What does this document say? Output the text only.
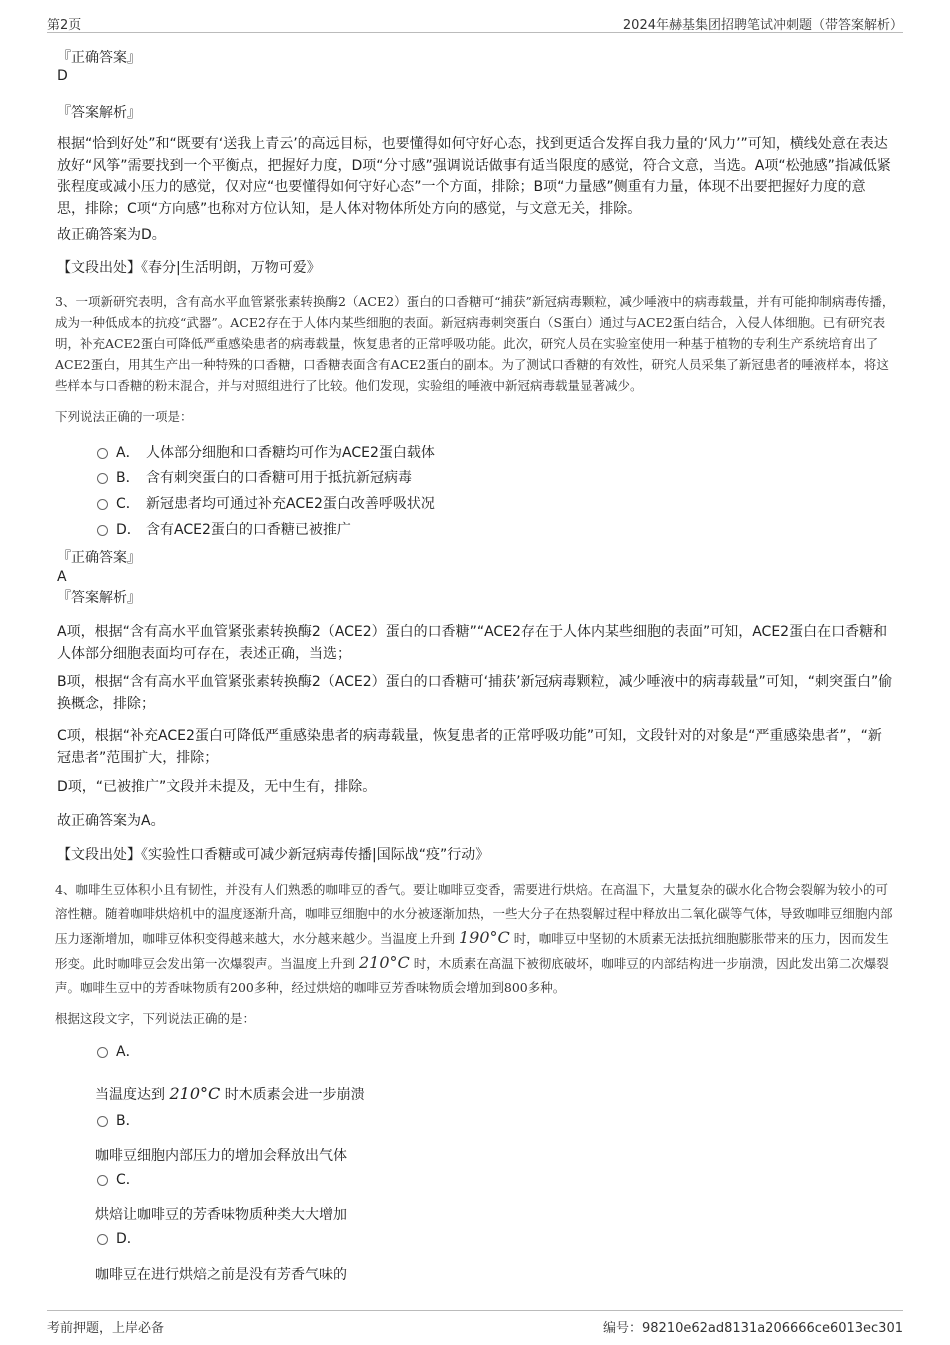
第2页	2024年赫基集团招聘笔试冲刺题（带答案解析）
『正确答案』
D
『答案解析』
根据“恰到好处”和“既要有‘送我上青云’的高远目标，也要懂得如何守好心态，找到更适合发挥自我力量的‘风力’”可知，横线处意在表达放好“风筝”需要找到一个平衡点，把握好力度，D项“分寸感”强调说话做事有适当限度的感觉，符合文意，当选。A项“松弛感”指减低紧张程度或减小压力的感觉，仅对应“也要懂得如何守好心态”一个方面，排除；B项“力量感”侧重有力量，体现不出要把握好力度的意思，排除；C项“方向感”也称对方位认知，是人体对物体所处方向的感觉，与文意无关，排除。
故正确答案为D。
【文段出处】《春分|生活明朗，万物可爱》
3、一项新研究表明，含有高水平血管紧张素转换酶2（ACE2）蛋白的口香糖可“捕获”新冠病毒颗粒，减少唾液中的病毒载量，并有可能抑制病毒传播，成为一种低成本的抗疫“武器”。ACE2存在于人体内某些细胞的表面。新冠病毒刺突蛋白（S蛋白）通过与ACE2蛋白结合，入侵人体细胞。已有研究表明，补充ACE2蛋白可降低严重感染患者的病毒载量，恢复患者的正常呼吸功能。此次，研究人员在实验室使用一种基于植物的专利生产系统培育出了ACE2蛋白，用其生产出一种特殊的口香糖，口香糖表面含有ACE2蛋白的副本。为了测试口香糖的有效性，研究人员采集了新冠患者的唾液样本，将这些样本与口香糖的粉末混合，并与对照组进行了比较。他们发现，实验组的唾液中新冠病毒载量显著减少。
下列说法正确的一项是：
A． 人体部分细胞和口香糖均可作为ACE2蛋白载体
B． 含有刺突蛋白的口香糖可用于抵抗新冠病毒
C． 新冠患者均可通过补充ACE2蛋白改善呼吸状况
D． 含有ACE2蛋白的口香糖已被推广
『正确答案』
A
『答案解析』
A项，根据“含有高水平血管紧张素转换酶2（ACE2）蛋白的口香糖”“ACE2存在于人体内某些细胞的表面”可知，ACE2蛋白在口香糖和人体部分细胞表面均可存在，表述正确，当选；
B项，根据“含有高水平血管紧张素转换酶2（ACE2）蛋白的口香糖可‘捕获’新冠病毒颗粒，减少唾液中的病毒载量”可知，“刺突蛋白”偷换概念，排除；
C项，根据“补充ACE2蛋白可降低严重感染患者的病毒载量，恢复患者的正常呼吸功能”可知，文段针对的对象是“严重感染患者”，“新冠患者”范围扩大，排除；
D项，“已被推广”文段并未提及，无中生有，排除。
故正确答案为A。
【文段出处】《实验性口香糖或可减少新冠病毒传播|国际战“疫”行动》
4、咖啡生豆体积小且有韧性，并没有人们熟悉的咖啡豆的香气。要让咖啡豆变香，需要进行烘焙。在高温下，大量复杂的碳水化合物会裂解为较小的可溶性糖。随着咖啡烘焙机中的温度逐渐升高，咖啡豆细胞中的水分被逐渐加热，一些大分子在热裂解过程中释放出二氧化碳等气体，导致咖啡豆细胞内部压力逐渐增加，咖啡豆体积变得越来越大，水分越来越少。当温度上升到 190°C 时，咖啡豆中坚韧的木质素无法抵抗细胞膨胀带来的压力，因而发生形变。此时咖啡豆会发出第一次爆裂声。当温度上升到 210°C 时，木质素在高温下被彻底破坏，咖啡豆的内部结构进一步崩溃，因此发出第二次爆裂声。咖啡生豆中的芳香味物质有200多种，经过烘焙的咖啡豆芳香味物质会增加到800多种。
根据这段文字，下列说法正确的是：
A．
当温度达到 210°C 时木质素会进一步崩溃
B．
咖啡豆细胞内部压力的增加会释放出气体
C．
烘焙让咖啡豆的芳香味物质种类大大增加
D．
咖啡豆在进行烘焙之前是没有芳香气味的
考前押题，上岸必备	编号：98210e62ad8131a206666ce6013ec301
